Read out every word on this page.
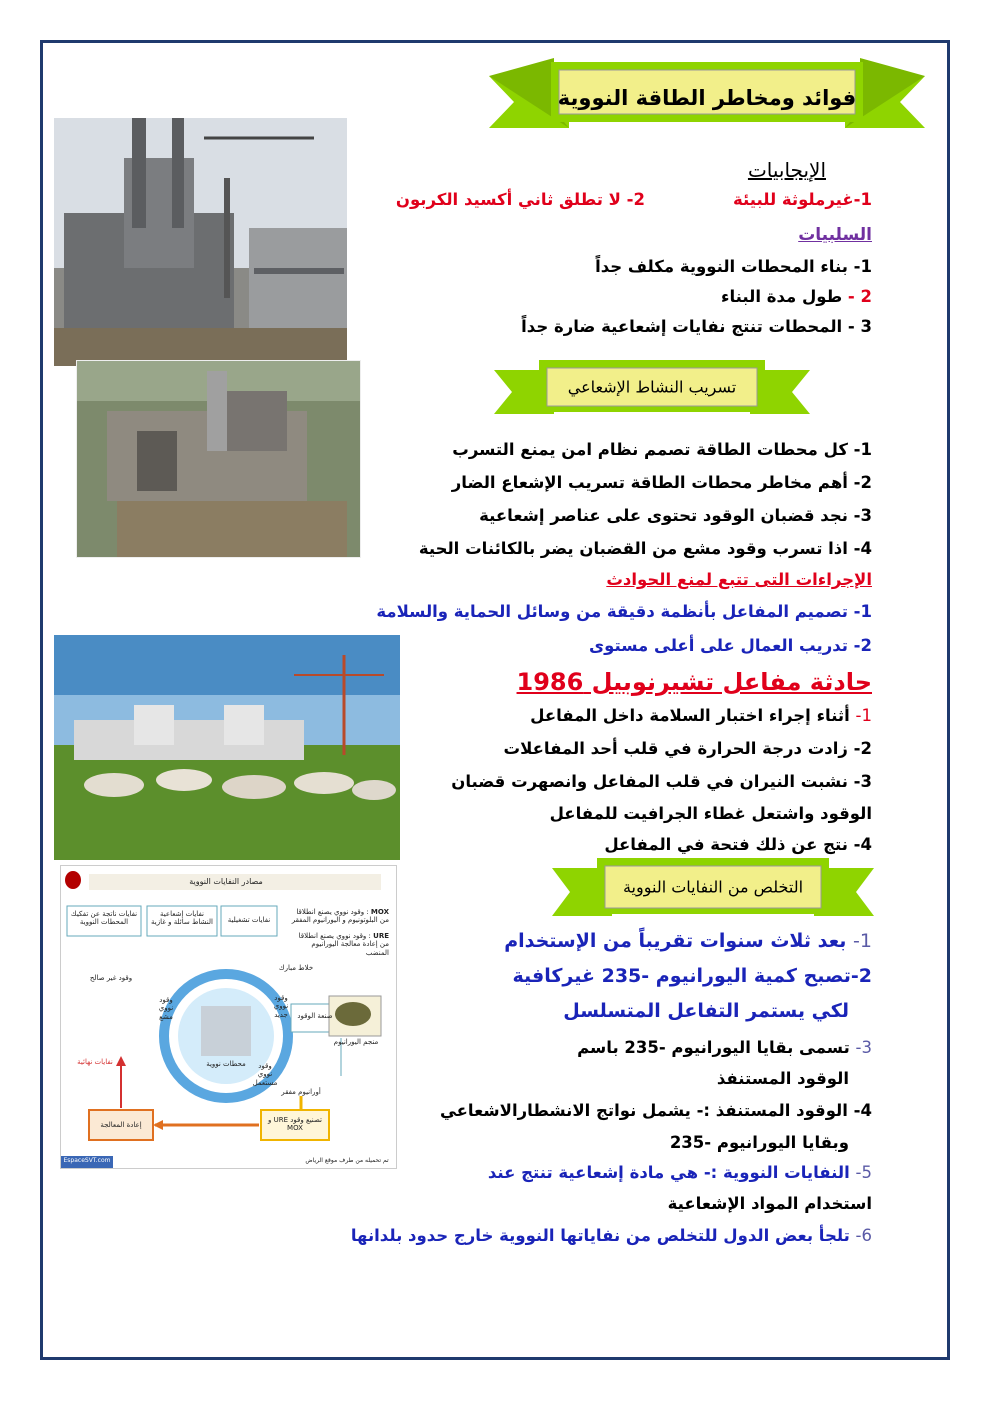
فوائد ومخاطر الطاقة النووية
الإيجابيات
1-غيرملوثة للبيئة
2- لا تطلق ثاني أكسيد الكربون
السلبيات
1- بناء المحطات النووية مكلف جداً
2 - طول مدة البناء
3 - المحطات تنتج نفايات إشعاعية ضارة جداً
تسريب النشاط الإشعاعي
1- كل محطات الطاقة تصمم نظام امن يمنع التسرب
2- أهم مخاطر محطات الطاقة تسريب الإشعاع الضار
3- نجد قضبان الوقود تحتوى على عناصر إشعاعية
4- اذا تسرب وقود مشع من القضبان يضر بالكائنات الحية
الإجراءات التى تتبع لمنع الحوادث
1- تصميم المفاعل بأنظمة دقيقة من وسائل الحماية والسلامة
2- تدريب العمال على أعلى مستوى
حادثة مفاعل تشيرنوبيل 1986
1- أثناء إجراء اختبار السلامة داخل المفاعل
2- زادت درجة الحرارة في قلب أحد المفاعلات
3- نشبت النيران في قلب المفاعل وانصهرت قضبان
الوقود واشتعل غطاء الجرافيت للمفاعل
4- نتج عن ذلك فتحة في المفاعل
التخلص من النفايات النووية
مصادر النفايات النووية
نفايات ناتجة عن تفكيك المحطات النووية
نفايات إشعاعية النشاط سائلة و غازية	نفايات تشغيلية
MOX : وقود نووي يصنع انطلاقا من البلوتونيوم و اليورانيوم المفقر
URE : وقود نووي يصنع انطلاقا من إعادة معالجة اليورانيوم المنضب
خلاط مبارك
وقود غير صالح
صنعة الوقود
منجم اليورانيوم
محطات نووية
وقود نووي مشع
وقود نووي جديد
وقود نووي مستعمل
أورانيوم مفقر
نفايات نهائية
تصنيع وقود URE و MOX
إعادة المعالجة
EspaceSVT.com	تم تحميله من طرف موقع الرياض
1- بعد ثلاث سنوات تقريباً من الإستخدام
2-تصبح كمية اليورانيوم -235 غيركافية
لكي يستمر التفاعل المتسلسل
3- تسمى بقايا اليورانيوم -235 باسم
الوقود المستنفذ
4- الوقود المستنفذ :- يشمل نواتج الانشطارالاشعاعي
وبقايا اليورانيوم -235
5- النفايات النووية :- هي مادة إشعاعية تنتج عند
استخدام المواد الإشعاعية
6- تلجأ بعض الدول للتخلص من نفاياتها النووية خارج حدود بلدانها
